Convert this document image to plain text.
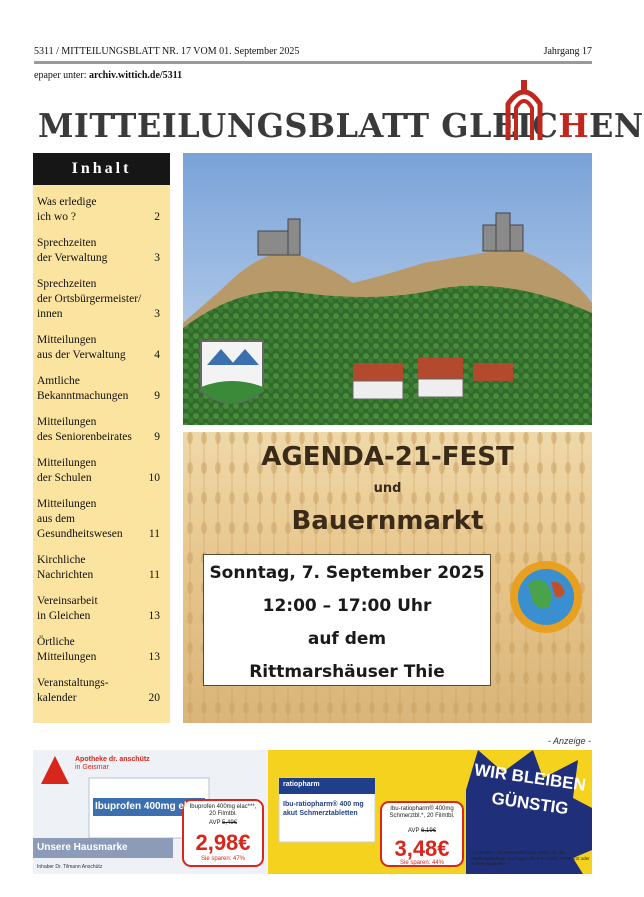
5311 / MITTEILUNGSBLATT NR. 17 VOM 01. September 2025	Jahrgang 17
epaper unter: archiv.wittich.de/5311
MITTEILUNGSBLATT GLEICHEN
Inhalt
Was erledige
ich wo ?	2
Sprechzeiten
der Verwaltung	3
Sprechzeiten
der Ortsbürgermeister/
innen	3
Mitteilungen
aus der Verwaltung 4
Amtliche
Bekanntmachungen 9
Mitteilungen
des Seniorenbeirates 9
Mitteilungen
der Schulen	10
Mitteilungen
aus dem
Gesundheitswesen 11
Kirchliche
Nachrichten	11
Vereinsarbeit
in Gleichen	13
Örtliche
Mitteilungen	13
Veranstaltungs-
kalender	20
AGENDA-21-FEST
und
Bauernmarkt
Sonntag, 7. September 2025
12:00 – 17:00 Uhr
auf dem
Rittmarshäuser Thie
- Anzeige -
Apotheke dr. anschütz
in Geismar
Ibuprofen 400mg elac
Unsere Hausmarke
Inhaber Dr. Tilmann Anschütz
Ibuprofen 400mg elac***, 20 Filmtbl.
AVP 5,49€
2,98€
Sie sparen: 47%
ratiopharm
Ibu-ratiopharm® 400 mg akut Schmerztabletten
Ibu-ratiopharm® 400mg Schmerztbl.*, 20 Filmtbl.
AVP 6,19€
3,48€
Sie sparen: 44%
WIR BLEIBEN
GÜNSTIG
*Zu Risiken und Nebenwirkungen lesen Sie die Packungsbeilage und fragen Sie Ihre Ärztin, Ihren Arzt oder in Ihrer Apotheke.
